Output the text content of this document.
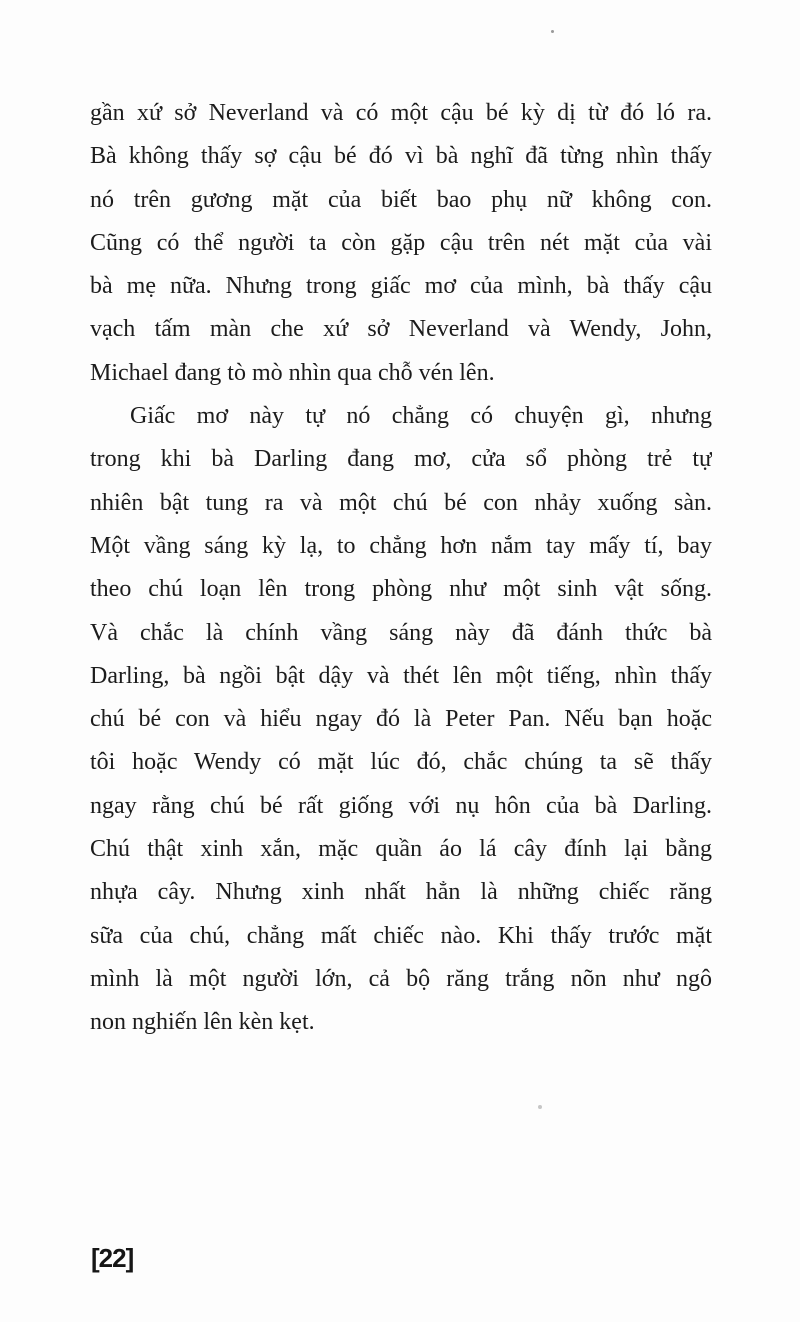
gần xứ sở Neverland và có một cậu bé kỳ dị từ đó ló ra.
Bà không thấy sợ cậu bé đó vì bà nghĩ đã từng nhìn thấy
nó trên gương mặt của biết bao phụ nữ không con.
Cũng có thể người ta còn gặp cậu trên nét mặt của vài
bà mẹ nữa. Nhưng trong giấc mơ của mình, bà thấy cậu
vạch tấm màn che xứ sở Neverland và Wendy, John,
Michael đang tò mò nhìn qua chỗ vén lên.
Giấc mơ này tự nó chẳng có chuyện gì, nhưng
trong khi bà Darling đang mơ, cửa sổ phòng trẻ tự
nhiên bật tung ra và một chú bé con nhảy xuống sàn.
Một vầng sáng kỳ lạ, to chẳng hơn nắm tay mấy tí, bay
theo chú loạn lên trong phòng như một sinh vật sống.
Và chắc là chính vầng sáng này đã đánh thức bà
Darling, bà ngồi bật dậy và thét lên một tiếng, nhìn thấy
chú bé con và hiểu ngay đó là Peter Pan. Nếu bạn hoặc
tôi hoặc Wendy có mặt lúc đó, chắc chúng ta sẽ thấy
ngay rằng chú bé rất giống với nụ hôn của bà Darling.
Chú thật xinh xắn, mặc quần áo lá cây đính lại bằng
nhựa cây. Nhưng xinh nhất hẳn là những chiếc răng
sữa của chú, chẳng mất chiếc nào. Khi thấy trước mặt
mình là một người lớn, cả bộ răng trắng nõn như ngô
non nghiến lên kèn kẹt.
[22]
